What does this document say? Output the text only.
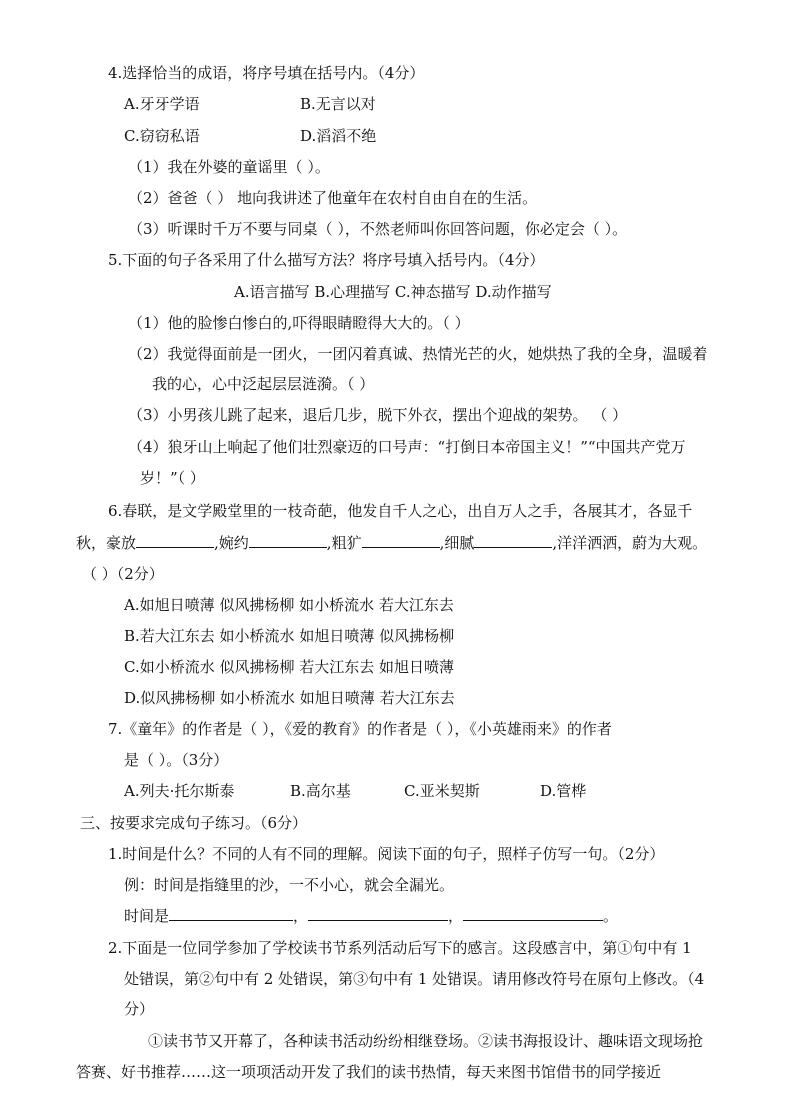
4.选择恰当的成语，将序号填在括号内。（4分）
A.牙牙学语	B.无言以对
C.窃窃私语	D.滔滔不绝
（1）我在外婆的童谣里（ ）。
（2）爸爸（ ） 地向我讲述了他童年在农村自由自在的生活。
（3）听课时千万不要与同桌（ ），不然老师叫你回答问题，你必定会（ ）。
5.下面的句子各采用了什么描写方法？将序号填入括号内。（4分）
A.语言描写 B.心理描写 C.神态描写 D.动作描写
（1）他的脸惨白惨白的,吓得眼睛瞪得大大的。（ ）
（2）我觉得面前是一团火，一团闪着真诚、热情光芒的火，她烘热了我的全身，温暖着
我的心，心中泛起层层涟漪。（ ）
（3）小男孩儿跳了起来，退后几步，脱下外衣，摆出个迎战的架势。 （ ）
（4）狼牙山上响起了他们壮烈豪迈的口号声：“打倒日本帝国主义！”“中国共产党万
岁！”（ ）
6.春联，是文学殿堂里的一枝奇葩，他发自千人之心，出自万人之手，各展其才，各显千
秋，豪放	,婉约	,粗犷	,细腻	,洋洋洒洒，蔚为大观。
（ ）（2分）
A.如旭日喷薄 似风拂杨柳 如小桥流水 若大江东去
B.若大江东去 如小桥流水 如旭日喷薄 似风拂杨柳
C.如小桥流水 似风拂杨柳 若大江东去 如旭日喷薄
D.似风拂杨柳 如小桥流水 如旭日喷薄 若大江东去
7.《童年》的作者是（ ），《爱的教育》的作者是（ ），《小英雄雨来》的作者
是（ ）。（3分）
A.列夫·托尔斯泰	B.高尔基	C.亚米契斯	D.管桦
三、按要求完成句子练习。（6分）
1.时间是什么？不同的人有不同的理解。阅读下面的句子，照样子仿写一句。（2分）
例：时间是指缝里的沙，一不小心，就会全漏光。
时间是	，	，	。
2.下面是一位同学参加了学校读书节系列活动后写下的感言。这段感言中，第①句中有 1
处错误，第②句中有 2 处错误，第③句中有 1 处错误。请用修改符号在原句上修改。（4
分）
①读书节又开幕了，各种读书活动纷纷相继登场。②读书海报设计、趣味语文现场抢
答赛、好书推荐……这一项项活动开发了我们的读书热情，每天来图书馆借书的同学接近
